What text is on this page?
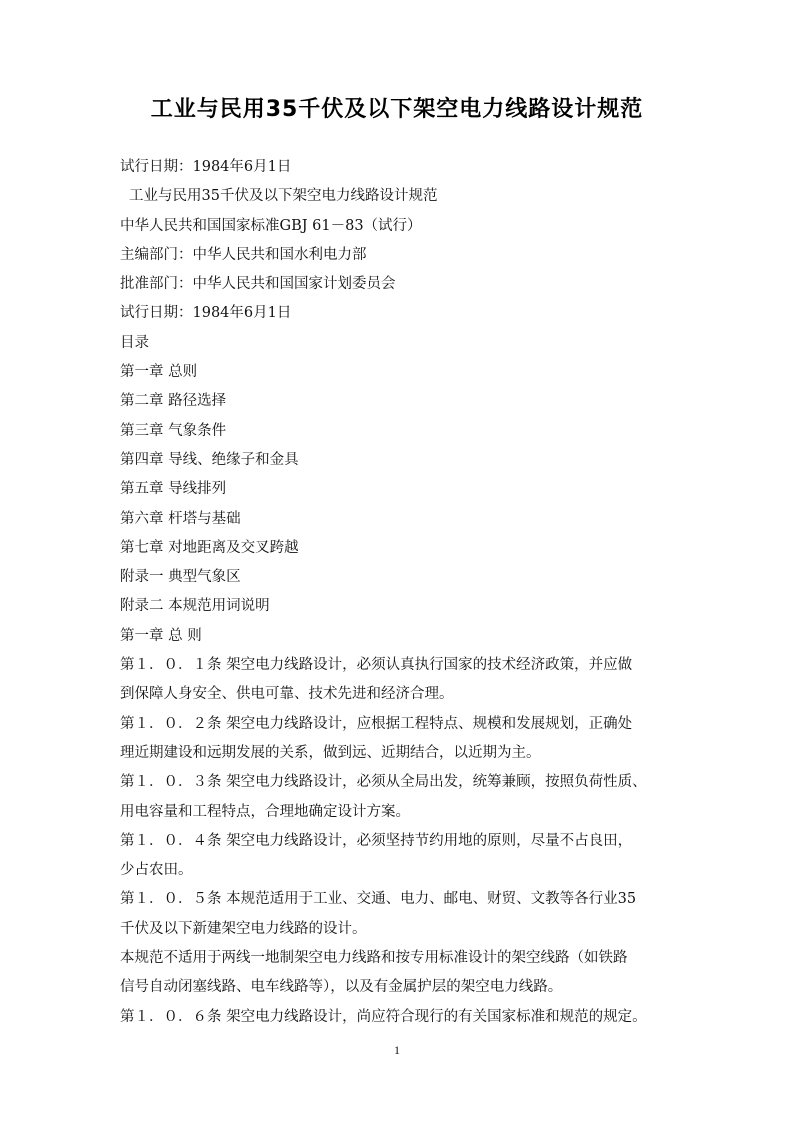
工业与民用35千伏及以下架空电力线路设计规范
试行日期：1984年6月1日
工业与民用35千伏及以下架空电力线路设计规范
中华人民共和国国家标准GBJ 61－83（试行）
主编部门：中华人民共和国水利电力部
批准部门：中华人民共和国国家计划委员会
试行日期：1984年6月1日
目录
第一章 总则
第二章 路径选择
第三章 气象条件
第四章 导线、绝缘子和金具
第五章 导线排列
第六章 杆塔与基础
第七章 对地距离及交叉跨越
附录一 典型气象区
附录二 本规范用词说明
第一章 总 则
第１．０．１条 架空电力线路设计，必须认真执行国家的技术经济政策，并应做
到保障人身安全、供电可靠、技术先进和经济合理。
第１．０．２条 架空电力线路设计，应根据工程特点、规模和发展规划，正确处
理近期建设和远期发展的关系，做到远、近期结合，以近期为主。
第１．０．３条 架空电力线路设计，必须从全局出发，统筹兼顾，按照负荷性质、
用电容量和工程特点，合理地确定设计方案。
第１．０．４条 架空电力线路设计，必须坚持节约用地的原则，尽量不占良田，
少占农田。
第１．０．５条 本规范适用于工业、交通、电力、邮电、财贸、文教等各行业35
千伏及以下新建架空电力线路的设计。
本规范不适用于两线一地制架空电力线路和按专用标准设计的架空线路（如铁路
信号自动闭塞线路、电车线路等），以及有金属护层的架空电力线路。
第１．０．６条 架空电力线路设计，尚应符合现行的有关国家标准和规范的规定。
1
